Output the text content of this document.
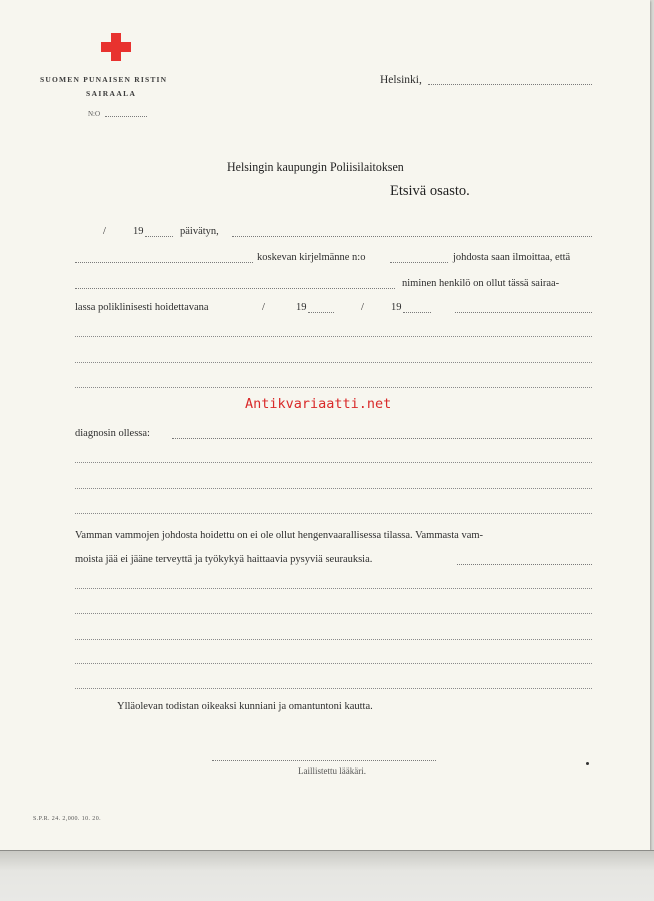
SUOMEN PUNAISEN RISTIN
SAIRAALA
N:O
Helsinki,
Helsingin kaupungin Poliisilaitoksen
Etsivä osasto.
/	19	päivätyn,
koskevan kirjelmänne n:o	johdosta saan ilmoittaa, että
niminen henkilö on ollut tässä sairaa-
lassa poliklinisesti hoidettavana	/	19	/	19
Antikvariaatti.net
diagnosin ollessa:
Vamman vammojen johdosta hoidettu on ei ole ollut hengenvaarallisessa tilassa. Vammasta vam-
moista jää ei jääne terveyttä ja työkykyä haittaavia pysyviä seurauksia.
Ylläolevan todistan oikeaksi kunniani ja omantuntoni kautta.
Laillistettu lääkäri.
S.P.R. 24. 2,000. 10. 20.
